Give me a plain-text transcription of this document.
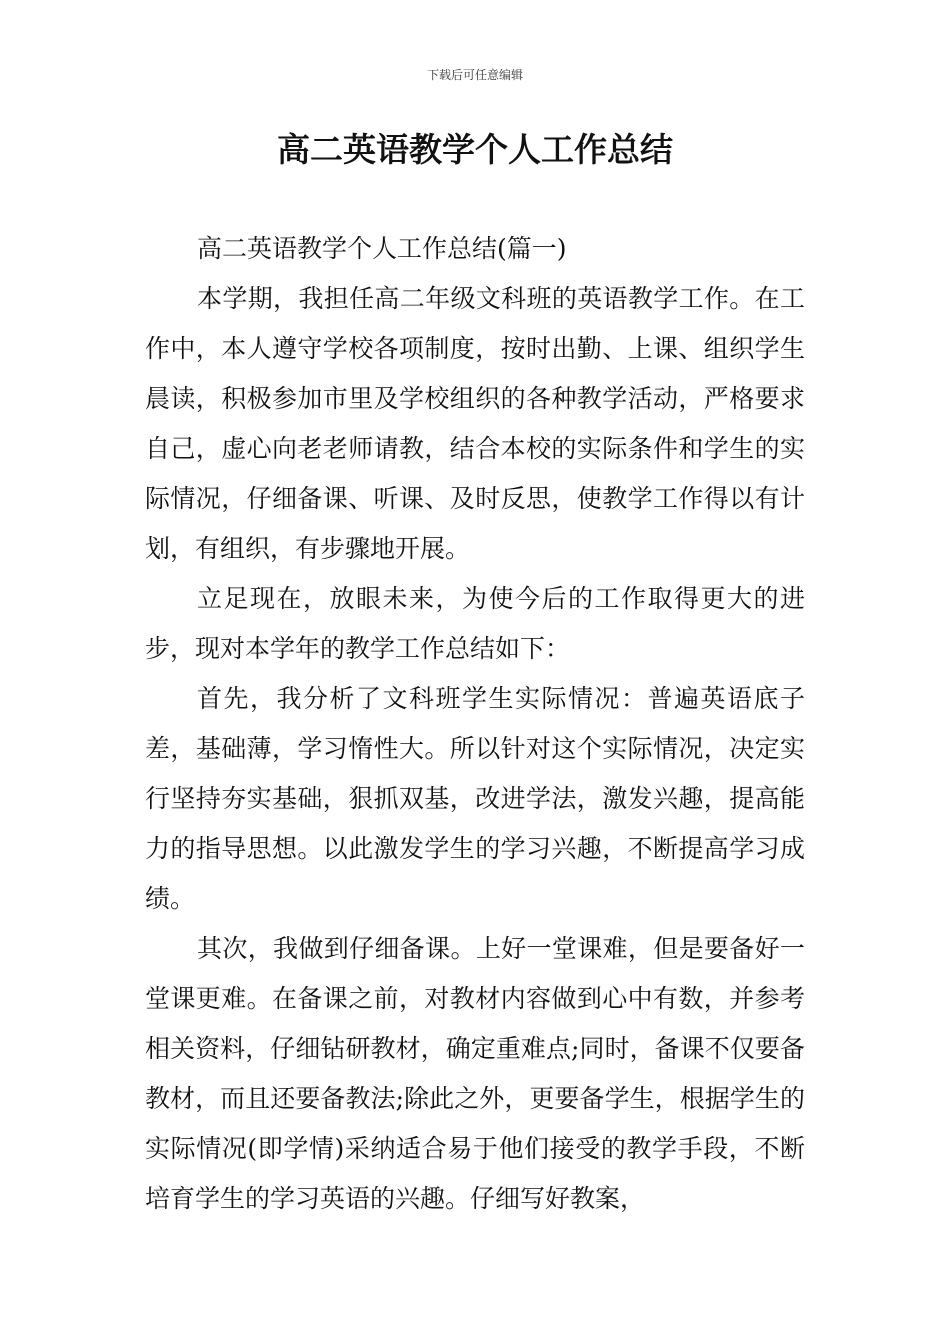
下载后可任意编辑
高二英语教学个人工作总结

高二英语教学个人工作总结(篇一)

本学期，我担任高二年级文科班的英语教学工作。在工作中，本人遵守学校各项制度，按时出勤、上课、组织学生晨读，积极参加市里及学校组织的各种教学活动，严格要求自己，虚心向老老师请教，结合本校的实际条件和学生的实际情况，仔细备课、听课、及时反思，使教学工作得以有计划，有组织，有步骤地开展。

立足现在，放眼未来，为使今后的工作取得更大的进步，现对本学年的教学工作总结如下：

首先，我分析了文科班学生实际情况：普遍英语底子差，基础薄，学习惰性大。所以针对这个实际情况，决定实行坚持夯实基础，狠抓双基，改进学法，激发兴趣，提高能力的指导思想。以此激发学生的学习兴趣，不断提高学习成绩。

其次，我做到仔细备课。上好一堂课难，但是要备好一堂课更难。在备课之前，对教材内容做到心中有数，并参考相关资料，仔细钻研教材，确定重难点;同时，备课不仅要备教材，而且还要备教法;除此之外，更要备学生，根据学生的实际情况(即学情)采纳适合易于他们接受的教学手段，不断培育学生的学习英语的兴趣。仔细写好教案，
